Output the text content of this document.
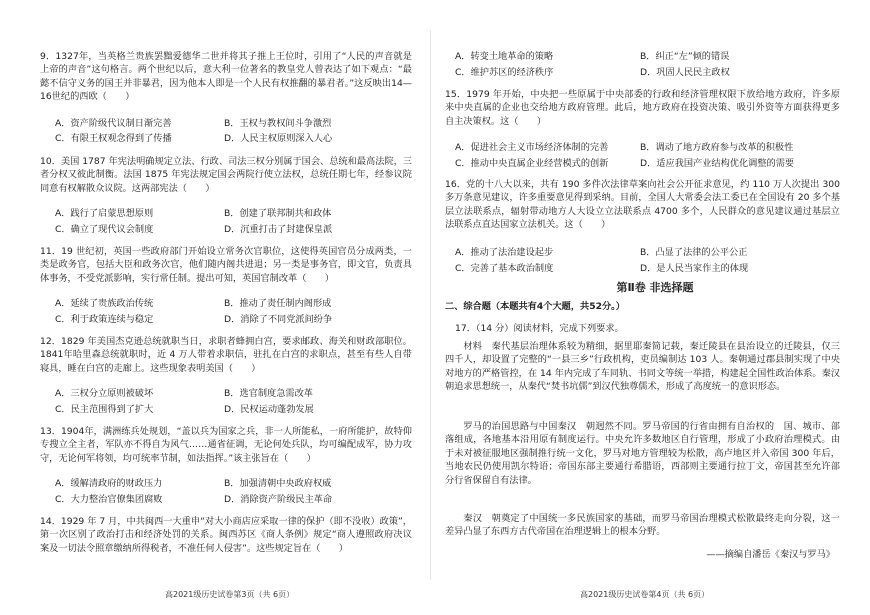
9．1327年，当英格兰贵族罢黜爱德华二世并将其子推上王位时，引用了“人民的声音就是上帝的声音”这句格言。两个世纪以后，意大利一位著名的教皇党人曾表达了如下观点：“最懿不信守义务的国王并非暴君，因为他本人即是一个人民有权推翻的暴君者。”这反映出14—16世纪的西欧（　　）
A．资产阶级代议制日渐完善	B．王权与教权间斗争激烈
C．有限王权观念得到了传播	D．人民主权原则深入人心
10．美国 1787 年宪法明确规定立法、行政、司法三权分别属于国会、总统和最高法院，三者分权又彼此制衡。法国 1875 年宪法规定国会两院行使立法权，总统任期七年，经参议院同意有权解散众议院。这两部宪法（　　）
A．践行了启蒙思想原则	B．创建了联邦制共和政体
C．确立了现代议会制度	D．沉重打击了封建保皇派
11．19 世纪初，英国一些政府部门开始设立常务次官职位，这使得英国官员分成两类，一类是政务官，包括大臣和政务次官，他们随内阁共进退；另一类是事务官，即文官，负责具体事务，不受党派影响，实行常任制。提出可知，英国官制改革（　　）
A．延续了贵族政治传统	B．推动了责任制内阁形成
C．利于政策连续与稳定	D．消除了不同党派间纷争
12．1829 年美国杰克逊总统就职当日，求职者蜂拥白宫，要求邮政、海关和财政部职位。1841年哈里森总统就职时，近 4 万人带着求职信，驻扎在白宫的求职点，甚至有些人自带寝具，睡在白宫的走廊上。这些现象表明美国（　　）
A．三权分立原则被破坏	B．选官制度急需改革
C．民主范围得到了扩大	D．民权运动蓬勃发展
13．1904年，满洲练兵处规划，“盖以兵为国家之兵，非一人所能私，一府所能护，故特仰专搜立全主者，军队亦不得自为风气……通省征调，无论何处兵队，均可编配成军，协力攻守，无论何军将领，均可统率节制，如法指挥。”该主张旨在（　　）
A．缓解清政府的财政压力	B．加强清朝中央政府权威
C．大力整治官僚集团腐败	D．消除资产阶级民主革命
14．1929 年 7 月，中共闽西一大重申“对大小商店应采取一律的保护（即不没收）政策”，第一次区别了政治打击和经济处罚的关系。闽西苏区《商人条例》规定“商人遵照政府决议案及一切法令照章缴纳所得税者，不准任何人侵害”。这些规定旨在（　　）
高2021级历史试卷第3页（共 6页）
A．转变土地革命的策略	B．纠正“左”倾的错误
C．维护苏区的经济秩序	D．巩固人民民主政权
15．1979 年开始，中央把一些原属于中央部委的行政和经济管理权限下放给地方政府，许多原来中央直属的企业也交给地方政府管理。此后，地方政府在投资决策、吸引外资等方面获得更多自主决策权。这（　　）
A．促进社会主义市场经济体制的完善	B．调动了地方政府参与改革的积极性
C．推动中央直属企业经营模式的创新	D．适应我国产业结构优化调整的需要
16．党的十八大以来，共有 190 多件次法律草案向社会公开征求意见，约 110 万人次提出 300 多万条意见建议，许多重要意见得到采纳。目前，全国人大常委会法工委已在全国设有 20 多个基层立法联系点，辐射带动地方人大设立立法联系点 4700 多个，人民群众的意见建议通过基层立法联系点直达国家立法机关。这（　　）
A．推动了法治建设起步	B．凸显了法律的公平公正
C．完善了基本政治制度	D．是人民当家作主的体现
第Ⅱ卷 非选择题
二、综合题（本题共有4个大题，共52分。）
17．（14 分）阅读材料，完成下列要求。
材料　秦代基层治理体系较为精细，据里耶秦简记载，秦迁陵县在县治设立的迁陵县，仅三四千人，却设置了完整的“一县三乡”行政机构，吏员编制达 103 人。秦朝通过郡县制实现了中央对地方的严格管控，在 14 年内完成了车同轨、书同文等统一举措，构建起全国性政治体系。秦汉朝追求思想统一，从秦代“焚书坑儒”到汉代独尊儒术，形成了高度统一的意识形态。
罗马的治国思路与中国秦汉　朝迥然不同。罗马帝国的行省由拥有自治权的　国、城市、部落组成，各地基本沿用原有制度运行。中央允许多数地区自行管理，形成了小政府治理模式。由于未对被征服地区强制推行统一文化，罗马对地方管理较为松散，高卢地区并入帝国 300 年后，当地农民仍使用凯尔特语；帝国东部主要通行希腊语，西部则主要通行拉丁文，帝国甚至允许部分行省保留自有法律。
秦汉　朝奠定了中国统一多民族国家的基础，而罗马帝国治理模式松散最终走向分裂，这一差异凸显了东西方古代帝国在治理逻辑上的根本分野。
——摘编自潘岳《秦汉与罗马》
高2021级历史试卷第4页（共 6页）
